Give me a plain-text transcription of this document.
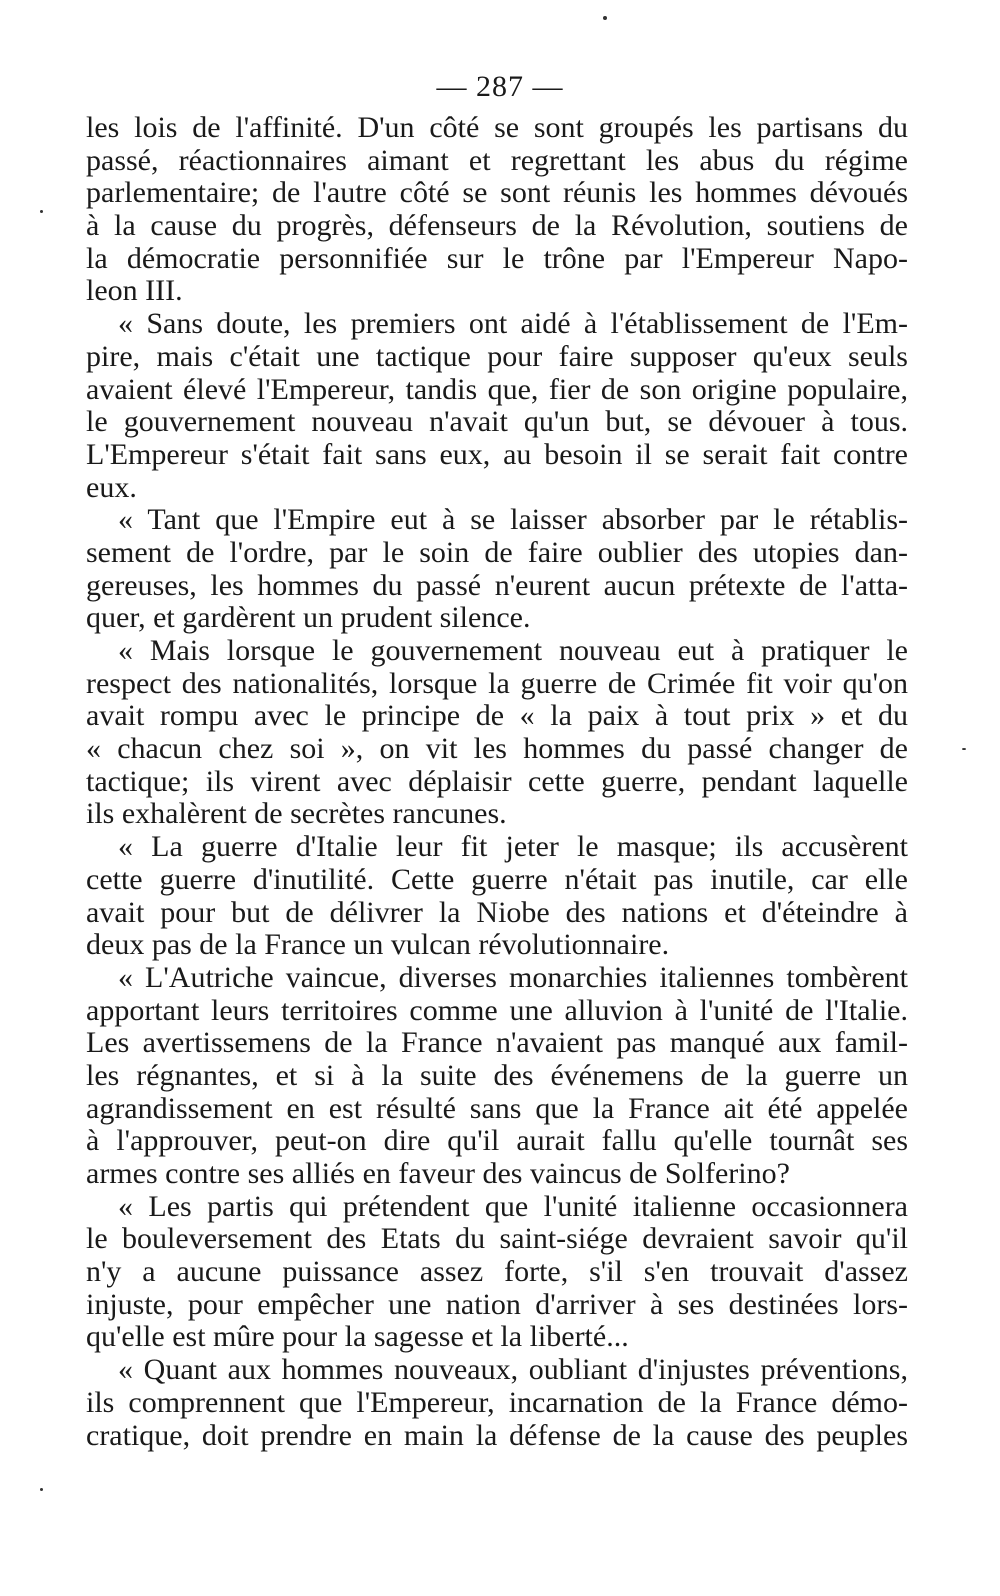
— 287 —
les lois de l'affinité. D'un côté se sont groupés les partisans du
passé, réactionnaires aimant et regrettant les abus du régime
parlementaire; de l'autre côté se sont réunis les hommes dévoués
à la cause du progrès, défenseurs de la Révolution, soutiens de
la démocratie personnifiée sur le trône par l'Empereur Napo-
leon III.
« Sans doute, les premiers ont aidé à l'établissement de l'Em-
pire, mais c'était une tactique pour faire supposer qu'eux seuls
avaient élevé l'Empereur, tandis que, fier de son origine populaire,
le gouvernement nouveau n'avait qu'un but, se dévouer à tous.
L'Empereur s'était fait sans eux, au besoin il se serait fait contre
eux.
« Tant que l'Empire eut à se laisser absorber par le rétablis-
sement de l'ordre, par le soin de faire oublier des utopies dan-
gereuses, les hommes du passé n'eurent aucun prétexte de l'atta-
quer, et gardèrent un prudent silence.
« Mais lorsque le gouvernement nouveau eut à pratiquer le
respect des nationalités, lorsque la guerre de Crimée fit voir qu'on
avait rompu avec le principe de « la paix à tout prix » et du
« chacun chez soi », on vit les hommes du passé changer de
tactique; ils virent avec déplaisir cette guerre, pendant laquelle
ils exhalèrent de secrètes rancunes.
« La guerre d'Italie leur fit jeter le masque; ils accusèrent
cette guerre d'inutilité. Cette guerre n'était pas inutile, car elle
avait pour but de délivrer la Niobe des nations et d'éteindre à
deux pas de la France un vulcan révolutionnaire.
« L'Autriche vaincue, diverses monarchies italiennes tombèrent
apportant leurs territoires comme une alluvion à l'unité de l'Italie.
Les avertissemens de la France n'avaient pas manqué aux famil-
les régnantes, et si à la suite des événemens de la guerre un
agrandissement en est résulté sans que la France ait été appelée
à l'approuver, peut-on dire qu'il aurait fallu qu'elle tournât ses
armes contre ses alliés en faveur des vaincus de Solferino?
« Les partis qui prétendent que l'unité italienne occasionnera
le bouleversement des Etats du saint-siége devraient savoir qu'il
n'y a aucune puissance assez forte, s'il s'en trouvait d'assez
injuste, pour empêcher une nation d'arriver à ses destinées lors-
qu'elle est mûre pour la sagesse et la liberté...
« Quant aux hommes nouveaux, oubliant d'injustes préventions,
ils comprennent que l'Empereur, incarnation de la France démo-
cratique, doit prendre en main la défense de la cause des peuples
